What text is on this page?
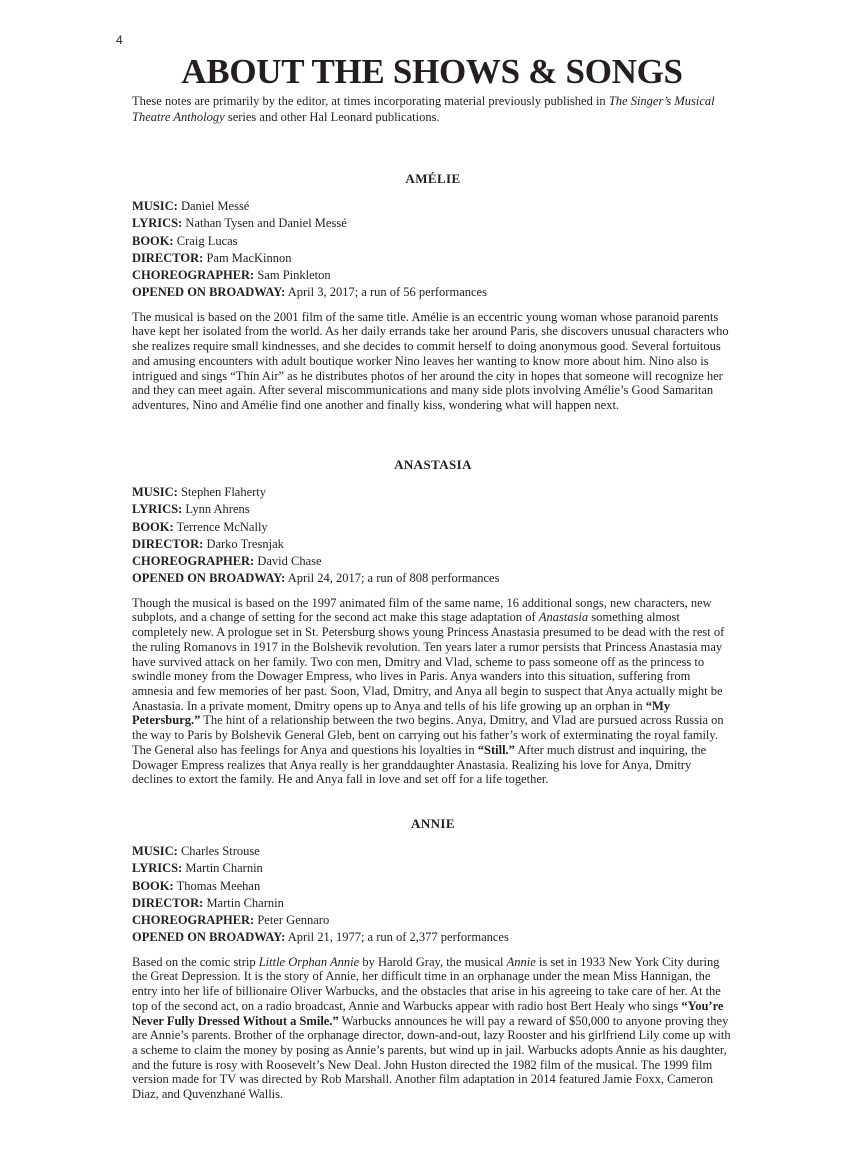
4
ABOUT THE SHOWS & SONGS

These notes are primarily by the editor, at times incorporating material previously published in The Singer’s Musical Theatre Anthology series and other Hal Leonard publications.

AMÉLIE

MUSIC: Daniel Messé

LYRICS: Nathan Tysen and Daniel Messé

BOOK: Craig Lucas

DIRECTOR: Pam MacKinnon

CHOREOGRAPHER: Sam Pinkleton

OPENED ON BROADWAY: April 3, 2017; a run of 56 performances

The musical is based on the 2001 film of the same title. Amélie is an eccentric young woman whose paranoid parents have kept her isolated from the world. As her daily errands take her around Paris, she discovers unusual characters who she realizes require small kindnesses, and she decides to commit herself to doing anonymous good. Several fortuitous and amusing encounters with adult boutique worker Nino leaves her wanting to know more about him. Nino also is intrigued and sings “Thin Air” as he distributes photos of her around the city in hopes that someone will recognize her and they can meet again. After several miscommunications and many side plots involving Amélie’s Good Samaritan adventures, Nino and Amélie find one another and finally kiss, wondering what will happen next.

ANASTASIA

MUSIC: Stephen Flaherty

LYRICS: Lynn Ahrens

BOOK: Terrence McNally

DIRECTOR: Darko Tresnjak

CHOREOGRAPHER: David Chase

OPENED ON BROADWAY: April 24, 2017; a run of 808 performances

Though the musical is based on the 1997 animated film of the same name, 16 additional songs, new characters, new subplots, and a change of setting for the second act make this stage adaptation of Anastasia something almost completely new. A prologue set in St. Petersburg shows young Princess Anastasia presumed to be dead with the rest of the ruling Romanovs in 1917 in the Bolshevik revolution. Ten years later a rumor persists that Princess Anastasia may have survived attack on her family. Two con men, Dmitry and Vlad, scheme to pass someone off as the princess to swindle money from the Dowager Empress, who lives in Paris. Anya wanders into this situation, suffering from amnesia and few memories of her past. Soon, Vlad, Dmitry, and Anya all begin to suspect that Anya actually might be Anastasia. In a private moment, Dmitry opens up to Anya and tells of his life growing up an orphan in “My Petersburg.” The hint of a relationship between the two begins. Anya, Dmitry, and Vlad are pursued across Russia on the way to Paris by Bolshevik General Gleb, bent on carrying out his father’s work of exterminating the royal family. The General also has feelings for Anya and questions his loyalties in “Still.” After much distrust and inquiring, the Dowager Empress realizes that Anya really is her granddaughter Anastasia. Realizing his love for Anya, Dmitry declines to extort the family. He and Anya fall in love and set off for a life together.

ANNIE

MUSIC: Charles Strouse

LYRICS: Martin Charnin

BOOK: Thomas Meehan

DIRECTOR: Martin Charnin

CHOREOGRAPHER: Peter Gennaro

OPENED ON BROADWAY: April 21, 1977; a run of 2,377 performances

Based on the comic strip Little Orphan Annie by Harold Gray, the musical Annie is set in 1933 New York City during the Great Depression. It is the story of Annie, her difficult time in an orphanage under the mean Miss Hannigan, the entry into her life of billionaire Oliver Warbucks, and the obstacles that arise in his agreeing to take care of her. At the top of the second act, on a radio broadcast, Annie and Warbucks appear with radio host Bert Healy who sings “You’re Never Fully Dressed Without a Smile.” Warbucks announces he will pay a reward of $50,000 to anyone proving they are Annie’s parents. Brother of the orphanage director, down-and-out, lazy Rooster and his girlfriend Lily come up with a scheme to claim the money by posing as Annie’s parents, but wind up in jail. Warbucks adopts Annie as his daughter, and the future is rosy with Roosevelt’s New Deal. John Huston directed the 1982 film of the musical. The 1999 film version made for TV was directed by Rob Marshall. Another film adaptation in 2014 featured Jamie Foxx, Cameron Diaz, and Quvenzhané Wallis.
